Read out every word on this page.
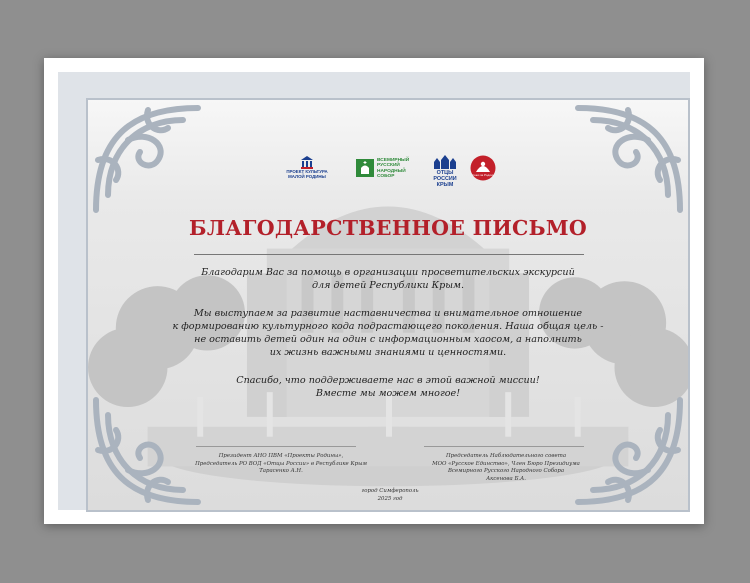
ПРОЕКТ КУЛЬТУРА МАЛОЙ РОДИНЫ
ВСЕМИРНЫЙ РУССКИЙ НАРОДНЫЙ СОБОР
ОТЦЫ РОССИИ КРЫМ
Союз за Родину
БЛАГОДАРСТВЕННОЕ ПИСЬМО
Благодарим Вас за помощь в организации просветительских экскурсий
для детей Республики Крым.
Мы выступаем за развитие наставничества и внимательное отношение
к формированию культурного кода подрастающего поколения. Наша общая цель -
не оставить детей один на один с информационным хаосом, а наполнить
их жизнь важными знаниями и ценностями.
Спасибо, что поддерживаете нас в этой важной миссии!
Вместе мы можем многое!
Президент АНО ПВМ «Проекты Родины»,
Председатель РО ВОД «Отцы России» в Республике Крым
Тарасенко А.Н.
Председатель Наблюдательного совета
МОО «Русское Единство», Член Бюро Президиума
Всемирного Русского Народного Собора
Аксенова Б.А.
город Симферополь
2025 год
